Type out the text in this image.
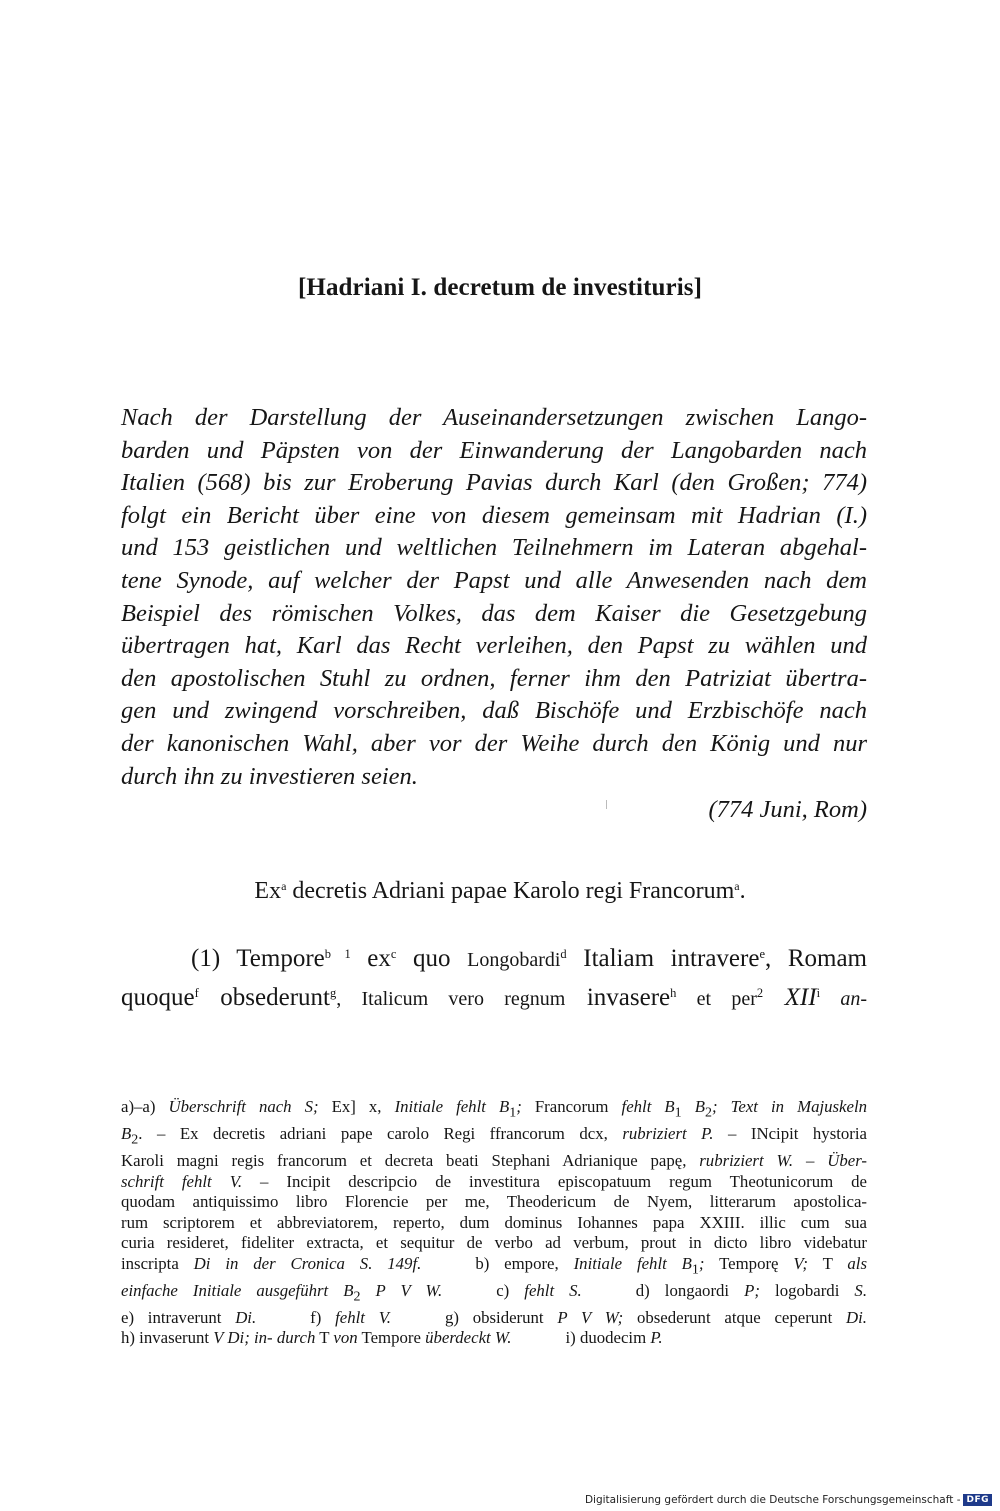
[Hadriani I. decretum de investituris]
Nach der Darstellung der Auseinandersetzungen zwischen Lango-
barden und Päpsten von der Einwanderung der Langobarden nach
Italien (568) bis zur Eroberung Pavias durch Karl (den Großen; 774)
folgt ein Bericht über eine von diesem gemeinsam mit Hadrian (I.)
und 153 geistlichen und weltlichen Teilnehmern im Lateran abgehal-
tene Synode, auf welcher der Papst und alle Anwesenden nach dem
Beispiel des römischen Volkes, das dem Kaiser die Gesetzgebung
übertragen hat, Karl das Recht verleihen, den Papst zu wählen und
den apostolischen Stuhl zu ordnen, ferner ihm den Patriziat übertra-
gen und zwingend vorschreiben, daß Bischöfe und Erzbischöfe nach
der kanonischen Wahl, aber vor der Weihe durch den König und nur
durch ihn zu investieren seien.

(774 Juni, Rom)

Ex$^a$ decretis Adriani papae Karolo regi Francorum$^a$.

(1) Tempore$^{b 1}$ $ex^c$ quo Longobardi$^d$ Italiam intravere$^e$, Romam
quoque$^f$ obsederunt$^g$, Italicum vero regnum invasere$^h$ et per$^2$ XII$^i$ an-
a)–a) Überschrift nach S; Ex] x, Initiale fehlt $B_1$; Francorum fehlt $B_1$ $B_2$; Text in Majuskeln
$B_2$. – Ex decretis adriani pape carolo Regi ffrancorum dcx, rubriziert P. – INcipit hystoria
Karoli magni regis francorum et decreta beati Stephani Adrianique papę, rubriziert W. – Über-
schrift fehlt V. – Incipit descripcio de investitura episcopatuum regum Theotunicorum de
quodam antiquissimo libro Florencie per me, Theodericum de Nyem, litterarum apostolica-
rum scriptorem et abbreviatorem, reperto, dum dominus Iohannes papa XXIII. illic cum sua
curia resideret, fideliter extracta, et sequitur de verbo ad verbum, prout in dicto libro videbatur
inscripta Di in der Cronica S. 149f.	b) empore, Initiale fehlt $B_1$; Temporę V; T als
einfache Initiale ausgeführt $B_2$ P V W.	c) fehlt S.	d) longaordi P; logobardi S.
e) intraverunt Di.	f) fehlt V.	g) obsiderunt P V W; obsederunt atque ceperunt Di.
h) invaserunt V Di; in- durch T von Tempore überdeckt W.	i) duodecim P.
Digitalisierung gefördert durch die Deutsche Forschungsgemeinschaft - DFG
